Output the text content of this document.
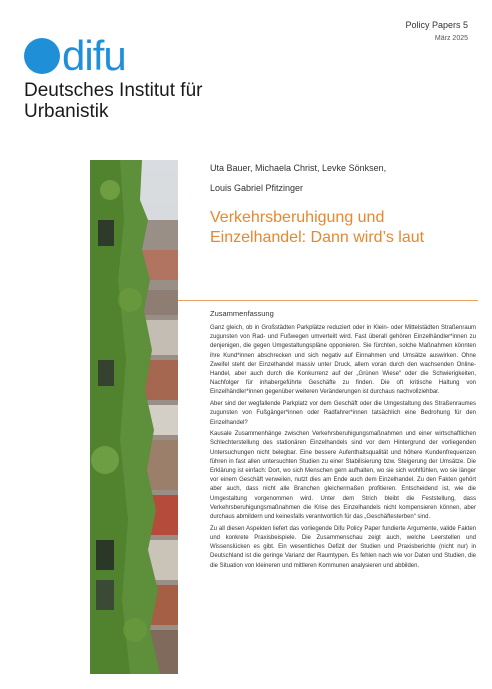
difu
Deutsches Institut für Urbanistik
Policy Papers 5
März 2025
Uta Bauer, Michaela Christ, Levke Sönksen,
Louis Gabriel Pfitzinger
Verkehrsberuhigung und Einzelhandel: Dann wird’s laut
Zusammenfassung

Ganz gleich, ob in Großstädten Parkplätze reduziert oder in Klein- oder Mittelstädten Straßenraum zugunsten von Rad- und Fußwegen umverteilt wird. Fast überall gehören Einzelhändler*innen zu denjenigen, die gegen Umgestaltungspläne opponieren. Sie fürchten, solche Maßnahmen könnten ihre Kund*innen abschrecken und sich negativ auf Einnahmen und Umsätze auswirken. Ohne Zweifel steht der Einzelhandel massiv unter Druck, allem voran durch den wachsenden Online-Handel, aber auch durch die Konkurrenz auf der „Grünen Wiese“ oder die Schwierigkeiten, Nachfolger für inhabergeführte Geschäfte zu finden. Die oft kritische Haltung von Einzelhändler*innen gegenüber weiteren Veränderungen ist durchaus nachvollziehbar.

Aber sind der wegfallende Parkplatz vor dem Geschäft oder die Umgestaltung des Straßenraumes zugunsten von Fußgänger*innen oder Radfahrer*innen tatsächlich eine Bedrohung für den Einzelhandel?

Kausale Zusammenhänge zwischen Verkehrsberuhigungsmaßnahmen und einer wirtschaftlichen Schlechterstellung des stationären Einzelhandels sind vor dem Hintergrund der vorliegenden Untersuchungen nicht belegbar. Eine bessere Aufenthaltsqualität und höhere Kundenfrequenzen führen in fast allen untersuchten Studien zu einer Stabilisierung bzw. Steigerung der Umsätze. Die Erklärung ist einfach: Dort, wo sich Menschen gern aufhalten, wo sie sich wohlfühlen, wo sie länger vor einem Geschäft verweilen, nutzt dies am Ende auch dem Einzelhandel. Zu den Fakten gehört aber auch, dass nicht alle Branchen gleichermaßen profitieren. Entscheidend ist, wie die Umgestaltung vorgenommen wird. Unter dem Strich bleibt die Feststellung, dass Verkehrsberuhigungsmaßnahmen die Krise des Einzelhandels nicht kompensieren können, aber durchaus abmildern und keinesfalls verantwortlich für das „Geschäftesterben“ sind.

Zu all diesen Aspekten liefert das vorliegende Difu Policy Paper fundierte Argumente, valide Fakten und konkrete Praxisbeispiele. Die Zusammenschau zeigt auch, welche Leerstellen und Wissenslücken es gibt. Ein wesentliches Defizit der Studien und Praxisberichte (nicht nur) in Deutschland ist die geringe Varianz der Raumtypen. Es fehlen nach wie vor Daten und Studien, die die Situation von kleineren und mittleren Kommunen analysieren und abbilden.
